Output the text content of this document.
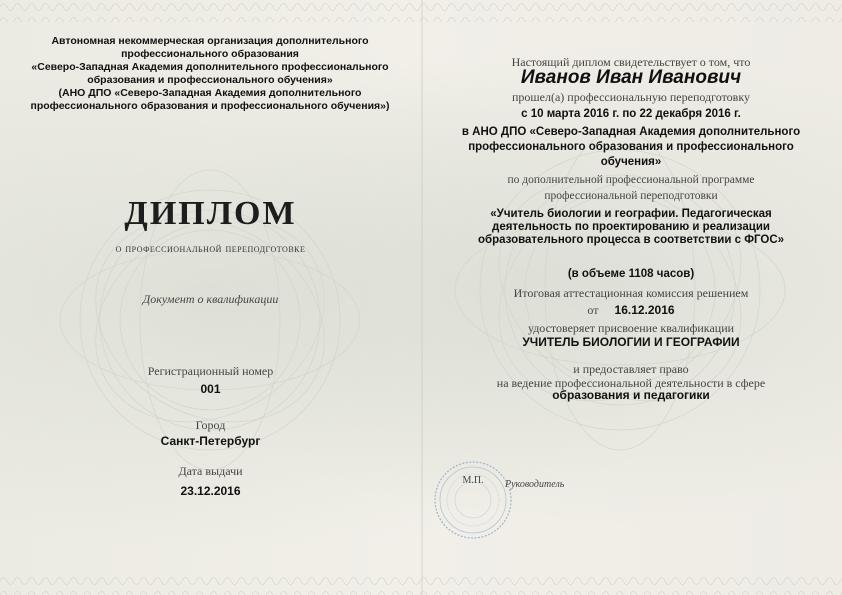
Автономная некоммерческая организация дополнительного
профессионального образования
«Северо-Западная Академия дополнительного профессионального
образования и профессионального обучения»
(АНО ДПО «Северо-Западная Академия дополнительного
профессионального образования и профессионального обучения»)
ДИПЛОМ
о профессиональной переподготовке
Документ о квалификации
Регистрационный номер
001
Город
Санкт-Петербург
Дата выдачи
23.12.2016
Настоящий диплом свидетельствует о том, что
Иванов Иван Иванович
прошел(а) профессиональную переподготовку
с 10 марта 2016 г. по 22 декабря 2016 г.
в АНО ДПО «Северо-Западная Академия дополнительного
профессионального образования и профессионального
обучения»
по дополнительной профессиональной программе
профессиональной переподготовки
«Учитель биологии и географии. Педагогическая
деятельность по проектированию и реализации
образовательного процесса в соответствии с ФГОС»
(в объеме 1108 часов)
Итоговая аттестационная комиссия решением
от 16.12.2016
удостоверяет присвоение квалификации
УЧИТЕЛЬ БИОЛОГИИ И ГЕОГРАФИИ
и предоставляет право
на ведение профессиональной деятельности в сфере
образования и педагогики
М.П.	Руководитель
